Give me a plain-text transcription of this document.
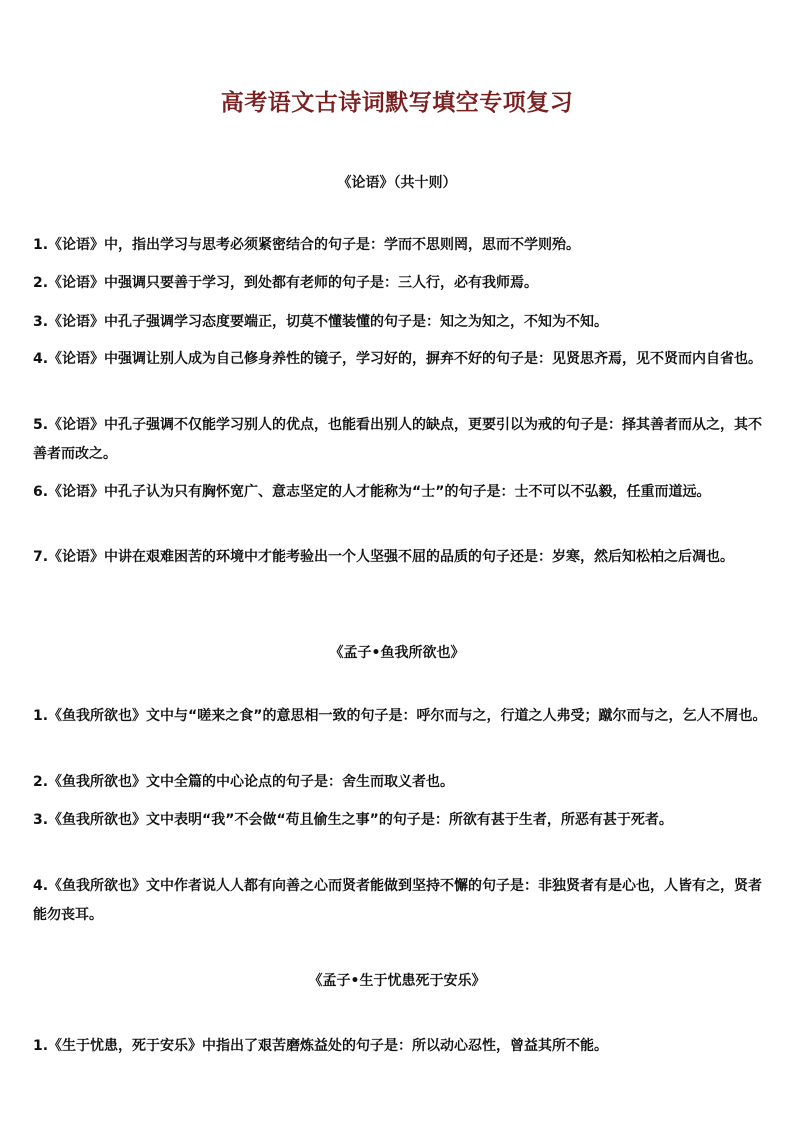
高考语文古诗词默写填空专项复习
《论语》（共十则）
1.《论语》中，指出学习与思考必须紧密结合的句子是：学而不思则罔，思而不学则殆。
2.《论语》中强调只要善于学习，到处都有老师的句子是：三人行，必有我师焉。
3.《论语》中孔子强调学习态度要端正，切莫不懂装懂的句子是：知之为知之，不知为不知。
4.《论语》中强调让别人成为自己修身养性的镜子，学习好的，摒弃不好的句子是：见贤思齐焉，见不贤而内自省也。
5.《论语》中孔子强调不仅能学习别人的优点，也能看出别人的缺点，更要引以为戒的句子是：择其善者而从之，其不善者而改之。
6.《论语》中孔子认为只有胸怀宽广、意志坚定的人才能称为“士”的句子是：士不可以不弘毅，任重而道远。
7.《论语》中讲在艰难困苦的环境中才能考验出一个人坚强不屈的品质的句子还是：岁寒，然后知松柏之后凋也。
《孟子•鱼我所欲也》
1.《鱼我所欲也》文中与“嗟来之食”的意思相一致的句子是：呼尔而与之，行道之人弗受；蹴尔而与之，乞人不屑也。
2.《鱼我所欲也》文中全篇的中心论点的句子是：舍生而取义者也。
3.《鱼我所欲也》文中表明“我”不会做“苟且偷生之事”的句子是：所欲有甚于生者，所恶有甚于死者。
4.《鱼我所欲也》文中作者说人人都有向善之心而贤者能做到坚持不懈的句子是：非独贤者有是心也，人皆有之，贤者能勿丧耳。
《孟子•生于忧患死于安乐》
1.《生于忧患，死于安乐》中指出了艰苦磨炼益处的句子是：所以动心忍性，曾益其所不能。
